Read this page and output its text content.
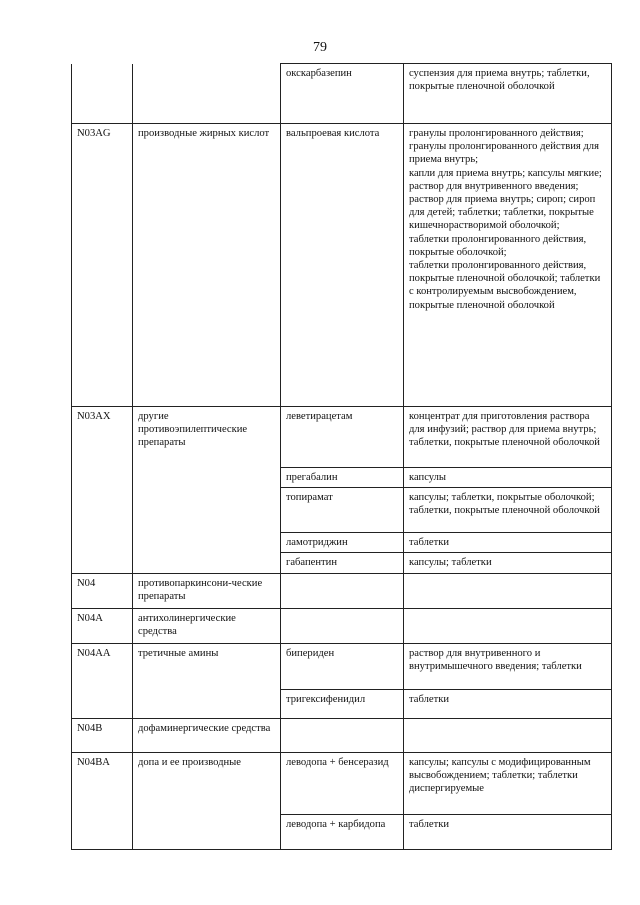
79
		окскарбазепин	суспензия для приема внутрь; таблетки, покрытые пленочной оболочкой
N03AG	производные жирных кислот	вальпроевая кислота	гранулы пролонгированного действия;
гранулы пролонгированного действия для приема внутрь;
капли для приема внутрь; капсулы мягкие; раствор для внутривенного введения; раствор для приема внутрь; сироп; сироп для детей; таблетки; таблетки, покрытые кишечнорастворимой оболочкой;
таблетки пролонгированного действия, покрытые оболочкой;
таблетки пролонгированного действия, покрытые пленочной оболочкой; таблетки с контролируемым высвобождением, покрытые пленочной оболочкой
N03AX	другие противоэпилептические препараты	леветирацетам	концентрат для приготовления раствора для инфузий; раствор для приема внутрь; таблетки, покрытые пленочной оболочкой
		прегабалин	капсулы
		топирамат	капсулы; таблетки, покрытые оболочкой; таблетки, покрытые пленочной оболочкой
		ламотриджин	таблетки
		габапентин	капсулы; таблетки
N04	противопаркинсони-ческие препараты		
N04A	антихолинергические средства		
N04AA	третичные амины	бипериден	раствор для внутривенного и внутримышечного введения; таблетки
		тригексифенидил	таблетки
N04B	дофаминергические средства		
N04BA	допа и ее производные	леводопа + бенсеразид	капсулы; капсулы с модифицированным высвобождением; таблетки; таблетки диспергируемые
		леводопа + карбидопа	таблетки
